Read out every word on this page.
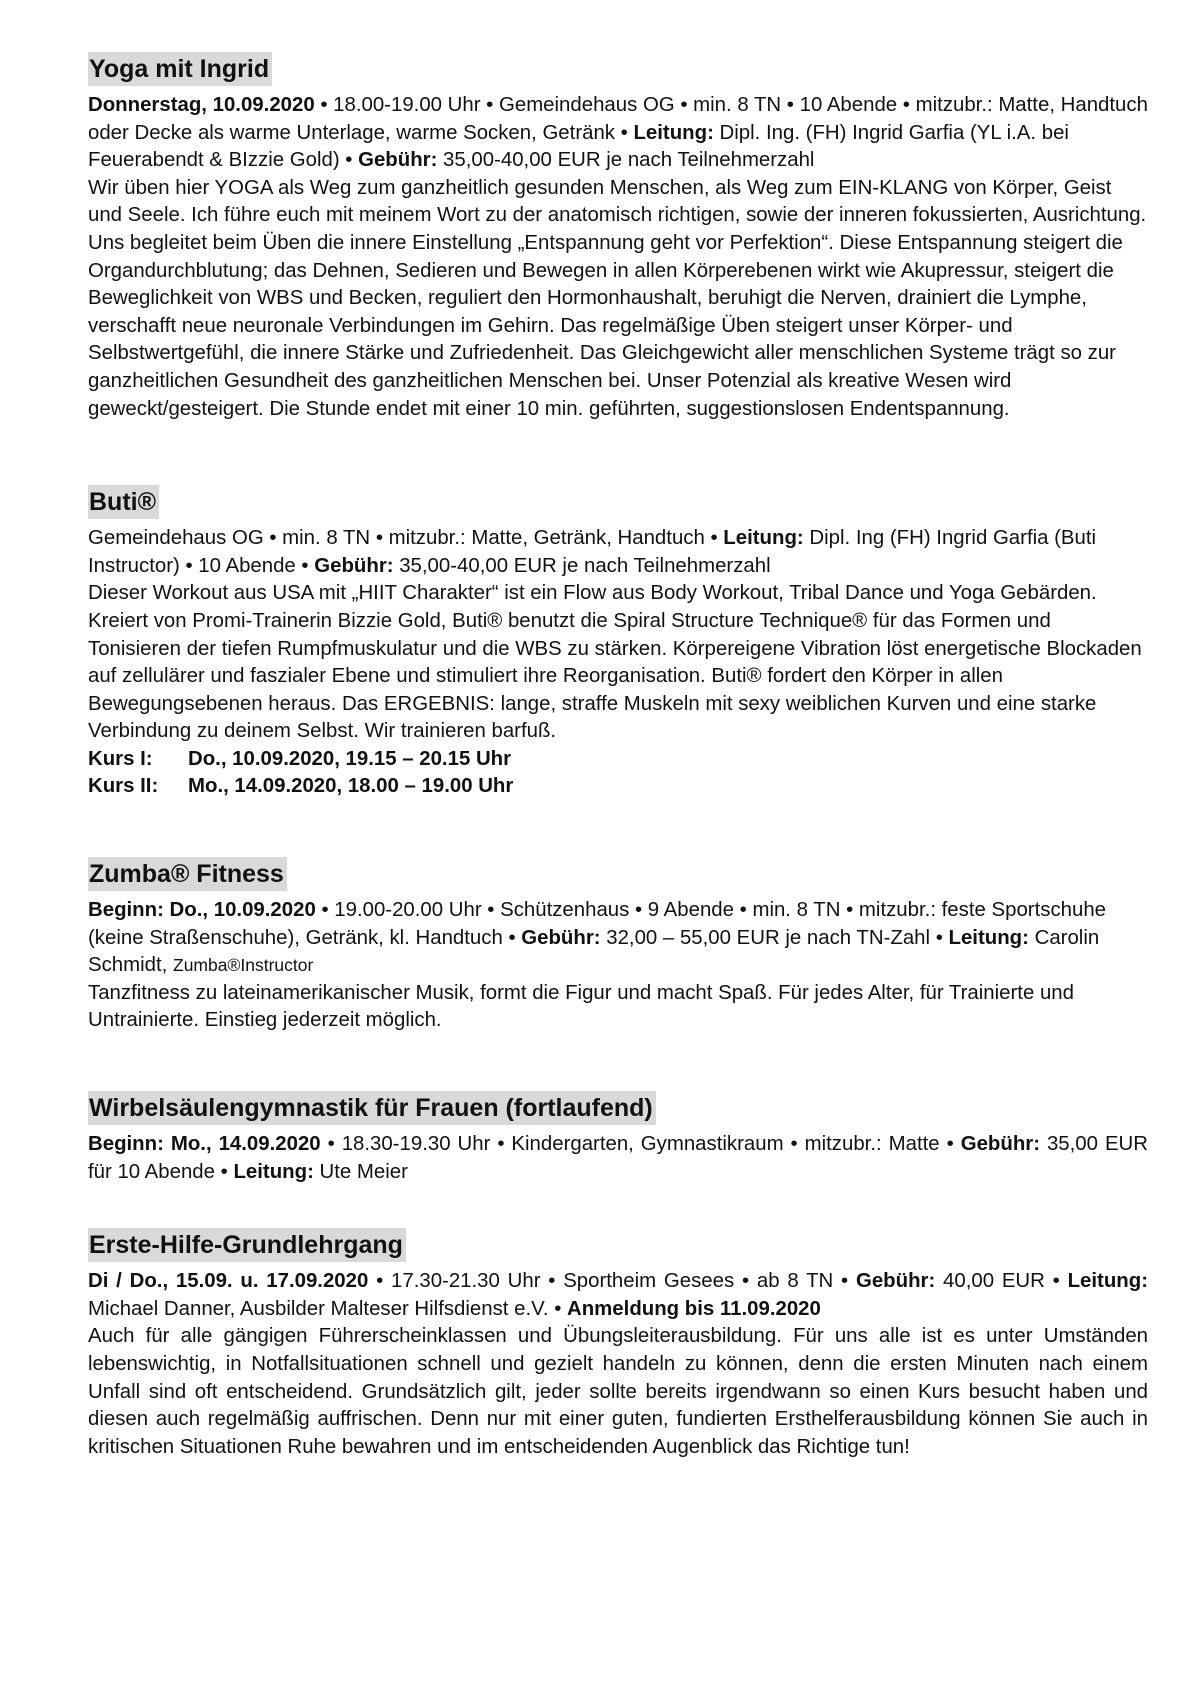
Yoga mit Ingrid

Donnerstag, 10.09.2020 • 18.00-19.00 Uhr • Gemeindehaus OG • min. 8 TN • 10 Abende • mitzubr.: Matte, Handtuch oder Decke als warme Unterlage, warme Socken, Getränk • Leitung: Dipl. Ing. (FH) Ingrid Garfia (YL i.A. bei Feuerabendt & BIzzie Gold) • Gebühr: 35,00-40,00 EUR je nach Teilnehmerzahl

Wir üben hier YOGA als Weg zum ganzheitlich gesunden Menschen, als Weg zum EIN-KLANG von Körper, Geist und Seele. Ich führe euch mit meinem Wort zu der anatomisch richtigen, sowie der inneren fokussierten, Ausrichtung. Uns begleitet beim Üben die innere Einstellung „Entspannung geht vor Perfektion“. Diese Entspannung steigert die Organdurchblutung; das Dehnen, Sedieren und Bewegen in allen Körperebenen wirkt wie Akupressur, steigert die Beweglichkeit von WBS und Becken, reguliert den Hormonhaushalt, beruhigt die Nerven, drainiert die Lymphe, verschafft neue neuronale Verbindungen im Gehirn. Das regelmäßige Üben steigert unser Körper- und Selbstwertgefühl, die innere Stärke und Zufriedenheit. Das Gleichgewicht aller menschlichen Systeme trägt so zur ganzheitlichen Gesundheit des ganzheitlichen Menschen bei. Unser Potenzial als kreative Wesen wird geweckt/gesteigert. Die Stunde endet mit einer 10 min. geführten, suggestionslosen Endentspannung.

Buti®

Gemeindehaus OG • min. 8 TN • mitzubr.: Matte, Getränk, Handtuch • Leitung: Dipl. Ing (FH) Ingrid Garfia (Buti Instructor) • 10 Abende • Gebühr: 35,00-40,00 EUR je nach Teilnehmerzahl

Dieser Workout aus USA mit „HIIT Charakter“ ist ein Flow aus Body Workout, Tribal Dance und Yoga Gebärden. Kreiert von Promi-Trainerin Bizzie Gold, Buti® benutzt die Spiral Structure Technique® für das Formen und Tonisieren der tiefen Rumpfmuskulatur und die WBS zu stärken. Körpereigene Vibration löst energetische Blockaden auf zellulärer und faszialer Ebene und stimuliert ihre Reorganisation. Buti® fordert den Körper in allen Bewegungsebenen heraus. Das ERGEBNIS: lange, straffe Muskeln mit sexy weiblichen Kurven und eine starke Verbindung zu deinem Selbst. Wir trainieren barfuß.

Kurs I: Do., 10.09.2020, 19.15 – 20.15 Uhr

Kurs II: Mo., 14.09.2020, 18.00 – 19.00 Uhr

Zumba® Fitness

Beginn: Do., 10.09.2020 • 19.00-20.00 Uhr • Schützenhaus • 9 Abende • min. 8 TN • mitzubr.: feste Sportschuhe (keine Straßenschuhe), Getränk, kl. Handtuch • Gebühr: 32,00 – 55,00 EUR je nach TN-Zahl • Leitung: Carolin Schmidt, Zumba®Instructor

Tanzfitness zu lateinamerikanischer Musik, formt die Figur und macht Spaß. Für jedes Alter, für Trainierte und Untrainierte. Einstieg jederzeit möglich.

Wirbelsäulengymnastik für Frauen (fortlaufend)

Beginn: Mo., 14.09.2020 • 18.30-19.30 Uhr • Kindergarten, Gymnastikraum • mitzubr.: Matte • Gebühr: 35,00 EUR für 10 Abende • Leitung: Ute Meier

Erste-Hilfe-Grundlehrgang

Di / Do., 15.09. u. 17.09.2020 • 17.30-21.30 Uhr • Sportheim Gesees • ab 8 TN • Gebühr: 40,00 EUR • Leitung: Michael Danner, Ausbilder Malteser Hilfsdienst e.V. • Anmeldung bis 11.09.2020

Auch für alle gängigen Führerscheinklassen und Übungsleiterausbildung. Für uns alle ist es unter Umständen lebenswichtig, in Notfallsituationen schnell und gezielt handeln zu können, denn die ersten Minuten nach einem Unfall sind oft entscheidend. Grundsätzlich gilt, jeder sollte bereits irgendwann so einen Kurs besucht haben und diesen auch regelmäßig auffrischen. Denn nur mit einer guten, fundierten Ersthelferausbildung können Sie auch in kritischen Situationen Ruhe bewahren und im entscheidenden Augenblick das Richtige tun!
